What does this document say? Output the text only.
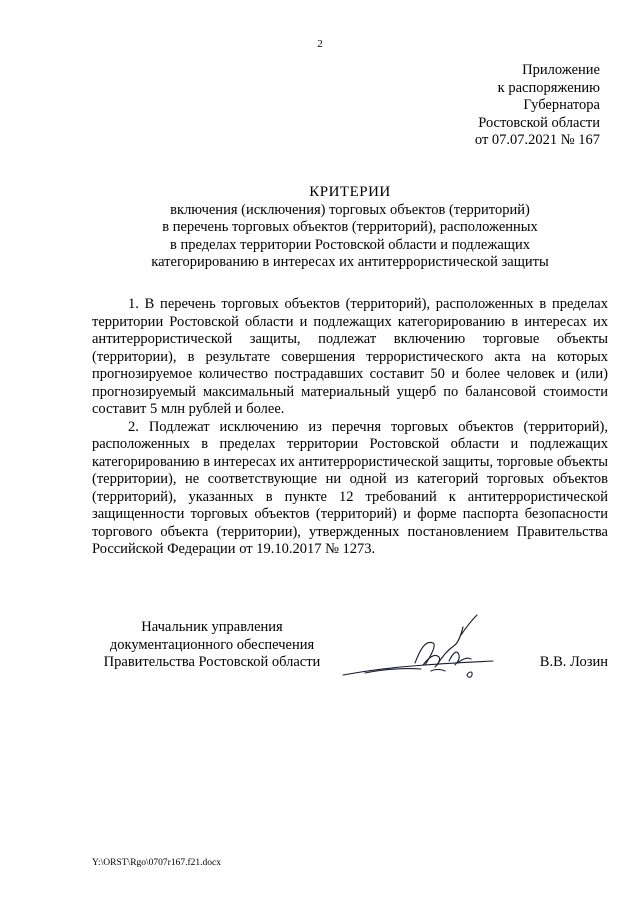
2
Приложение
к распоряжению
Губернатора
Ростовской области
от 07.07.2021 № 167
КРИТЕРИИ
включения (исключения) торговых объектов (территорий)
в перечень торговых объектов (территорий), расположенных
в пределах территории Ростовской области и подлежащих
категорированию в интересах их антитеррористической защиты

1. В перечень торговых объектов (территорий), расположенных в пределах территории Ростовской области и подлежащих категорированию в интересах их антитеррористической защиты, подлежат включению торговые объекты (территории), в результате совершения террористического акта на которых прогнозируемое количество пострадавших составит 50 и более человек и (или) прогнозируемый максимальный материальный ущерб по балансовой стоимости составит 5 млн рублей и более.

2. Подлежат исключению из перечня торговых объектов (территорий), расположенных в пределах территории Ростовской области и подлежащих категорированию в интересах их антитеррористической защиты, торговые объекты (территории), не соответствующие ни одной из категорий торговых объектов (территорий), указанных в пункте 12 требований к антитеррористической защищенности торговых объектов (территорий) и форме паспорта безопасности торгового объекта (территории), утвержденных постановлением Правительства Российской Федерации от 19.10.2017 № 1273.

Начальник управления
документационного обеспечения
Правительства Ростовской области	В.В. Лозин
Y:\ORST\Rgo\0707r167.f21.docx
